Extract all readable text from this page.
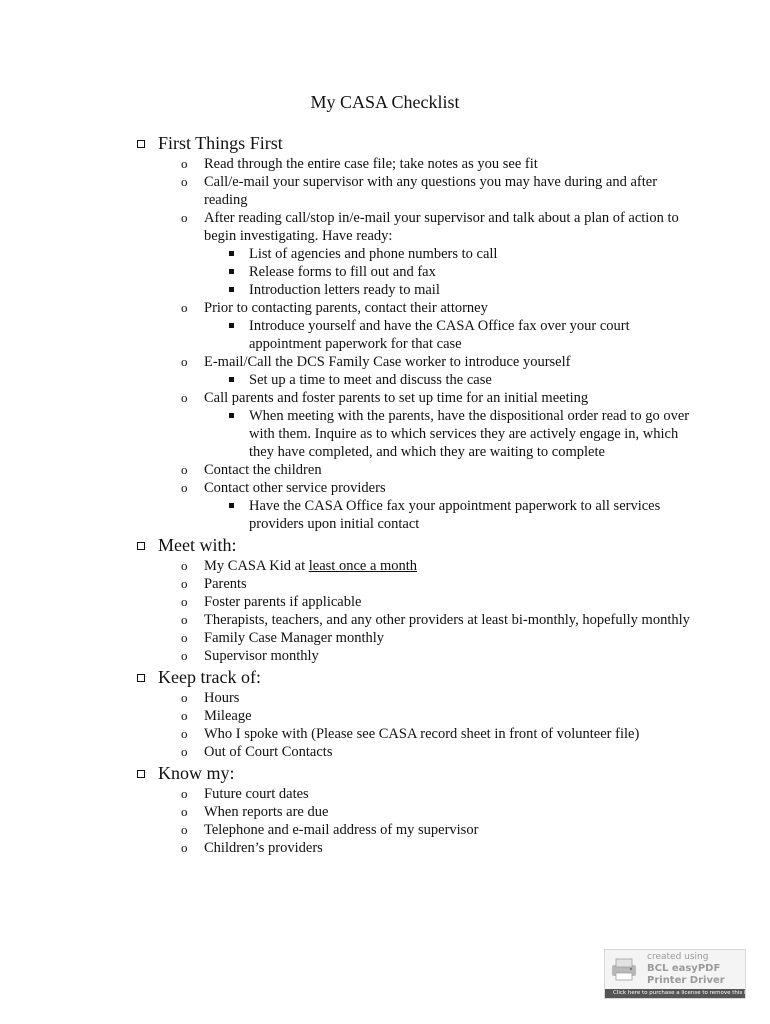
My CASA Checklist
First Things First
o Read through the entire case file; take notes as you see fit
o Call/e-mail your supervisor with any questions you may have during and after reading
o After reading call/stop in/e-mail your supervisor and talk about a plan of action to begin investigating. Have ready:
List of agencies and phone numbers to call
Release forms to fill out and fax
Introduction letters ready to mail
o Prior to contacting parents, contact their attorney
Introduce yourself and have the CASA Office fax over your court appointment paperwork for that case
o E-mail/Call the DCS Family Case worker to introduce yourself
Set up a time to meet and discuss the case
o Call parents and foster parents to set up time for an initial meeting
When meeting with the parents, have the dispositional order read to go over with them. Inquire as to which services they are actively engage in, which they have completed, and which they are waiting to complete
o Contact the children
o Contact other service providers
Have the CASA Office fax your appointment paperwork to all services providers upon initial contact
Meet with:
o My CASA Kid at least once a month
o Parents
o Foster parents if applicable
o Therapists, teachers, and any other providers at least bi-monthly, hopefully monthly
o Family Case Manager monthly
o Supervisor monthly
Keep track of:
o Hours
o Mileage
o Who I spoke with (Please see CASA record sheet in front of volunteer file)
o Out of Court Contacts
Know my:
o Future court dates
o When reports are due
o Telephone and e-mail address of my supervisor
o Children’s providers
created using
BCL easyPDF
Printer Driver
Click here to purchase a license to remove this image
